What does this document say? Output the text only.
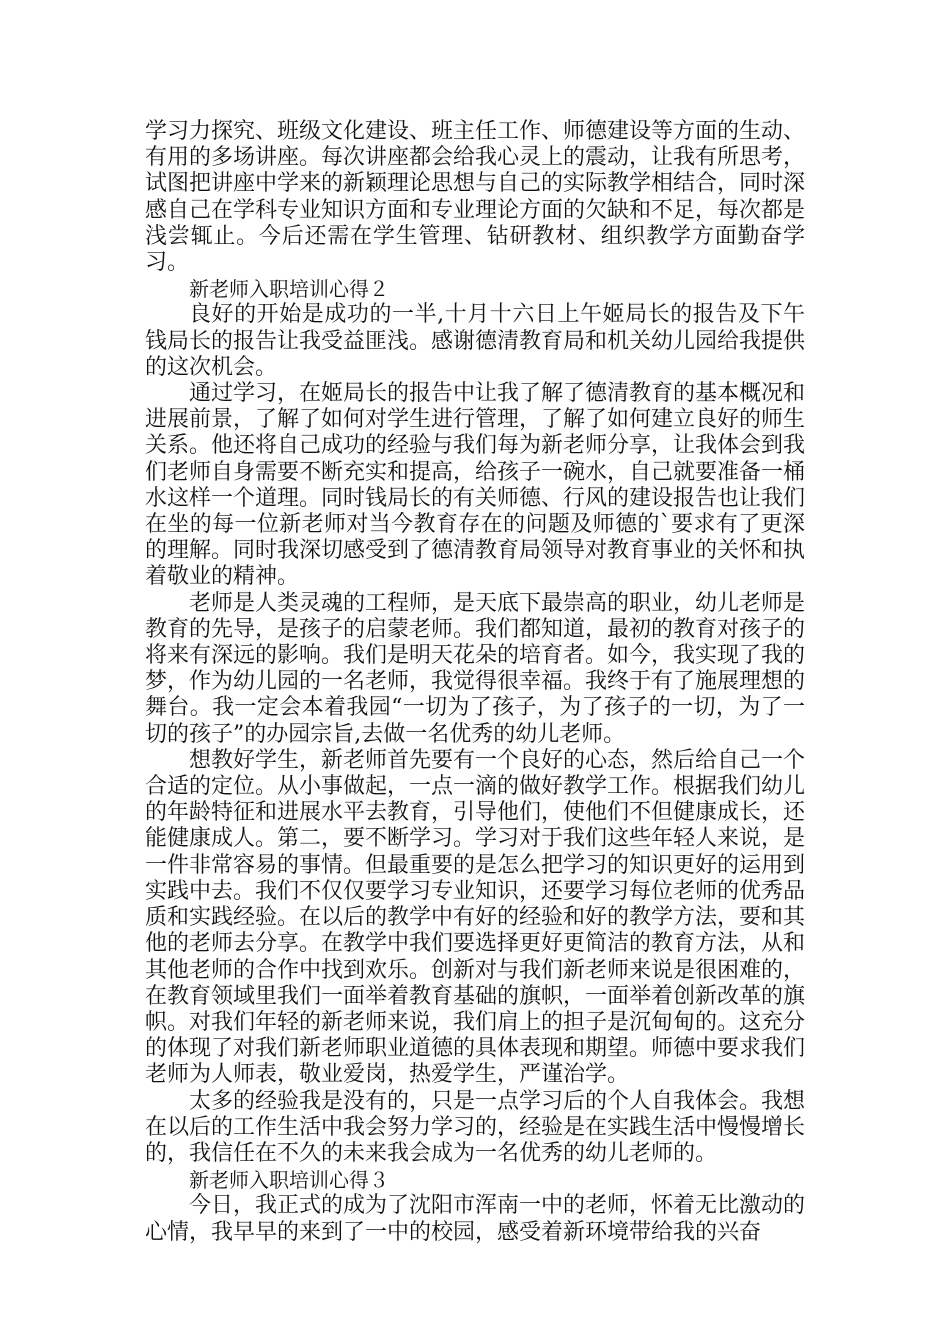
学习力探究、班级文化建设、班主任工作、师德建设等方面的生动、有用的多场讲座。每次讲座都会给我心灵上的震动，让我有所思考，试图把讲座中学来的新颖理论思想与自己的实际教学相结合，同时深感自己在学科专业知识方面和专业理论方面的欠缺和不足，每次都是浅尝辄止。今后还需在学生管理、钻研教材、组织教学方面勤奋学习。

新老师入职培训心得２

良好的开始是成功的一半,十月十六日上午姬局长的报告及下午钱局长的报告让我受益匪浅。感谢德清教育局和机关幼儿园给我提供的这次机会。

通过学习，在姬局长的报告中让我了解了德清教育的基本概况和进展前景，了解了如何对学生进行管理，了解了如何建立良好的师生关系。他还将自己成功的经验与我们每为新老师分享，让我体会到我们老师自身需要不断充实和提高，给孩子一碗水，自己就要准备一桶水这样一个道理。同时钱局长的有关师德、行风的建设报告也让我们在坐的每一位新老师对当今教育存在的问题及师德的`要求有了更深的理解。同时我深切感受到了德清教育局领导对教育事业的关怀和执着敬业的精神。

老师是人类灵魂的工程师，是天底下最崇高的职业，幼儿老师是教育的先导，是孩子的启蒙老师。我们都知道，最初的教育对孩子的将来有深远的影响。我们是明天花朵的培育者。如今，我实现了我的梦，作为幼儿园的一名老师，我觉得很幸福。我终于有了施展理想的舞台。我一定会本着我园“一切为了孩子，为了孩子的一切，为了一切的孩子”的办园宗旨,去做一名优秀的幼儿老师。

想教好学生，新老师首先要有一个良好的心态，然后给自己一个合适的定位。从小事做起，一点一滴的做好教学工作。根据我们幼儿的年龄特征和进展水平去教育，引导他们，使他们不但健康成长，还能健康成人。第二，要不断学习。学习对于我们这些年轻人来说，是一件非常容易的事情。但最重要的是怎么把学习的知识更好的运用到实践中去。我们不仅仅要学习专业知识，还要学习每位老师的优秀品质和实践经验。在以后的教学中有好的经验和好的教学方法，要和其他的老师去分享。在教学中我们要选择更好更简洁的教育方法，从和其他老师的合作中找到欢乐。创新对与我们新老师来说是很困难的，在教育领域里我们一面举着教育基础的旗帜，一面举着创新改革的旗帜。对我们年轻的新老师来说，我们肩上的担子是沉甸甸的。这充分的体现了对我们新老师职业道德的具体表现和期望。师德中要求我们老师为人师表，敬业爱岗，热爱学生，严谨治学。

太多的经验我是没有的，只是一点学习后的个人自我体会。我想在以后的工作生活中我会努力学习的，经验是在实践生活中慢慢增长的，我信任在不久的未来我会成为一名优秀的幼儿老师的。

新老师入职培训心得３

今日，我正式的成为了沈阳市浑南一中的老师，怀着无比激动的心情，我早早的来到了一中的校园，感受着新环境带给我的兴奋
